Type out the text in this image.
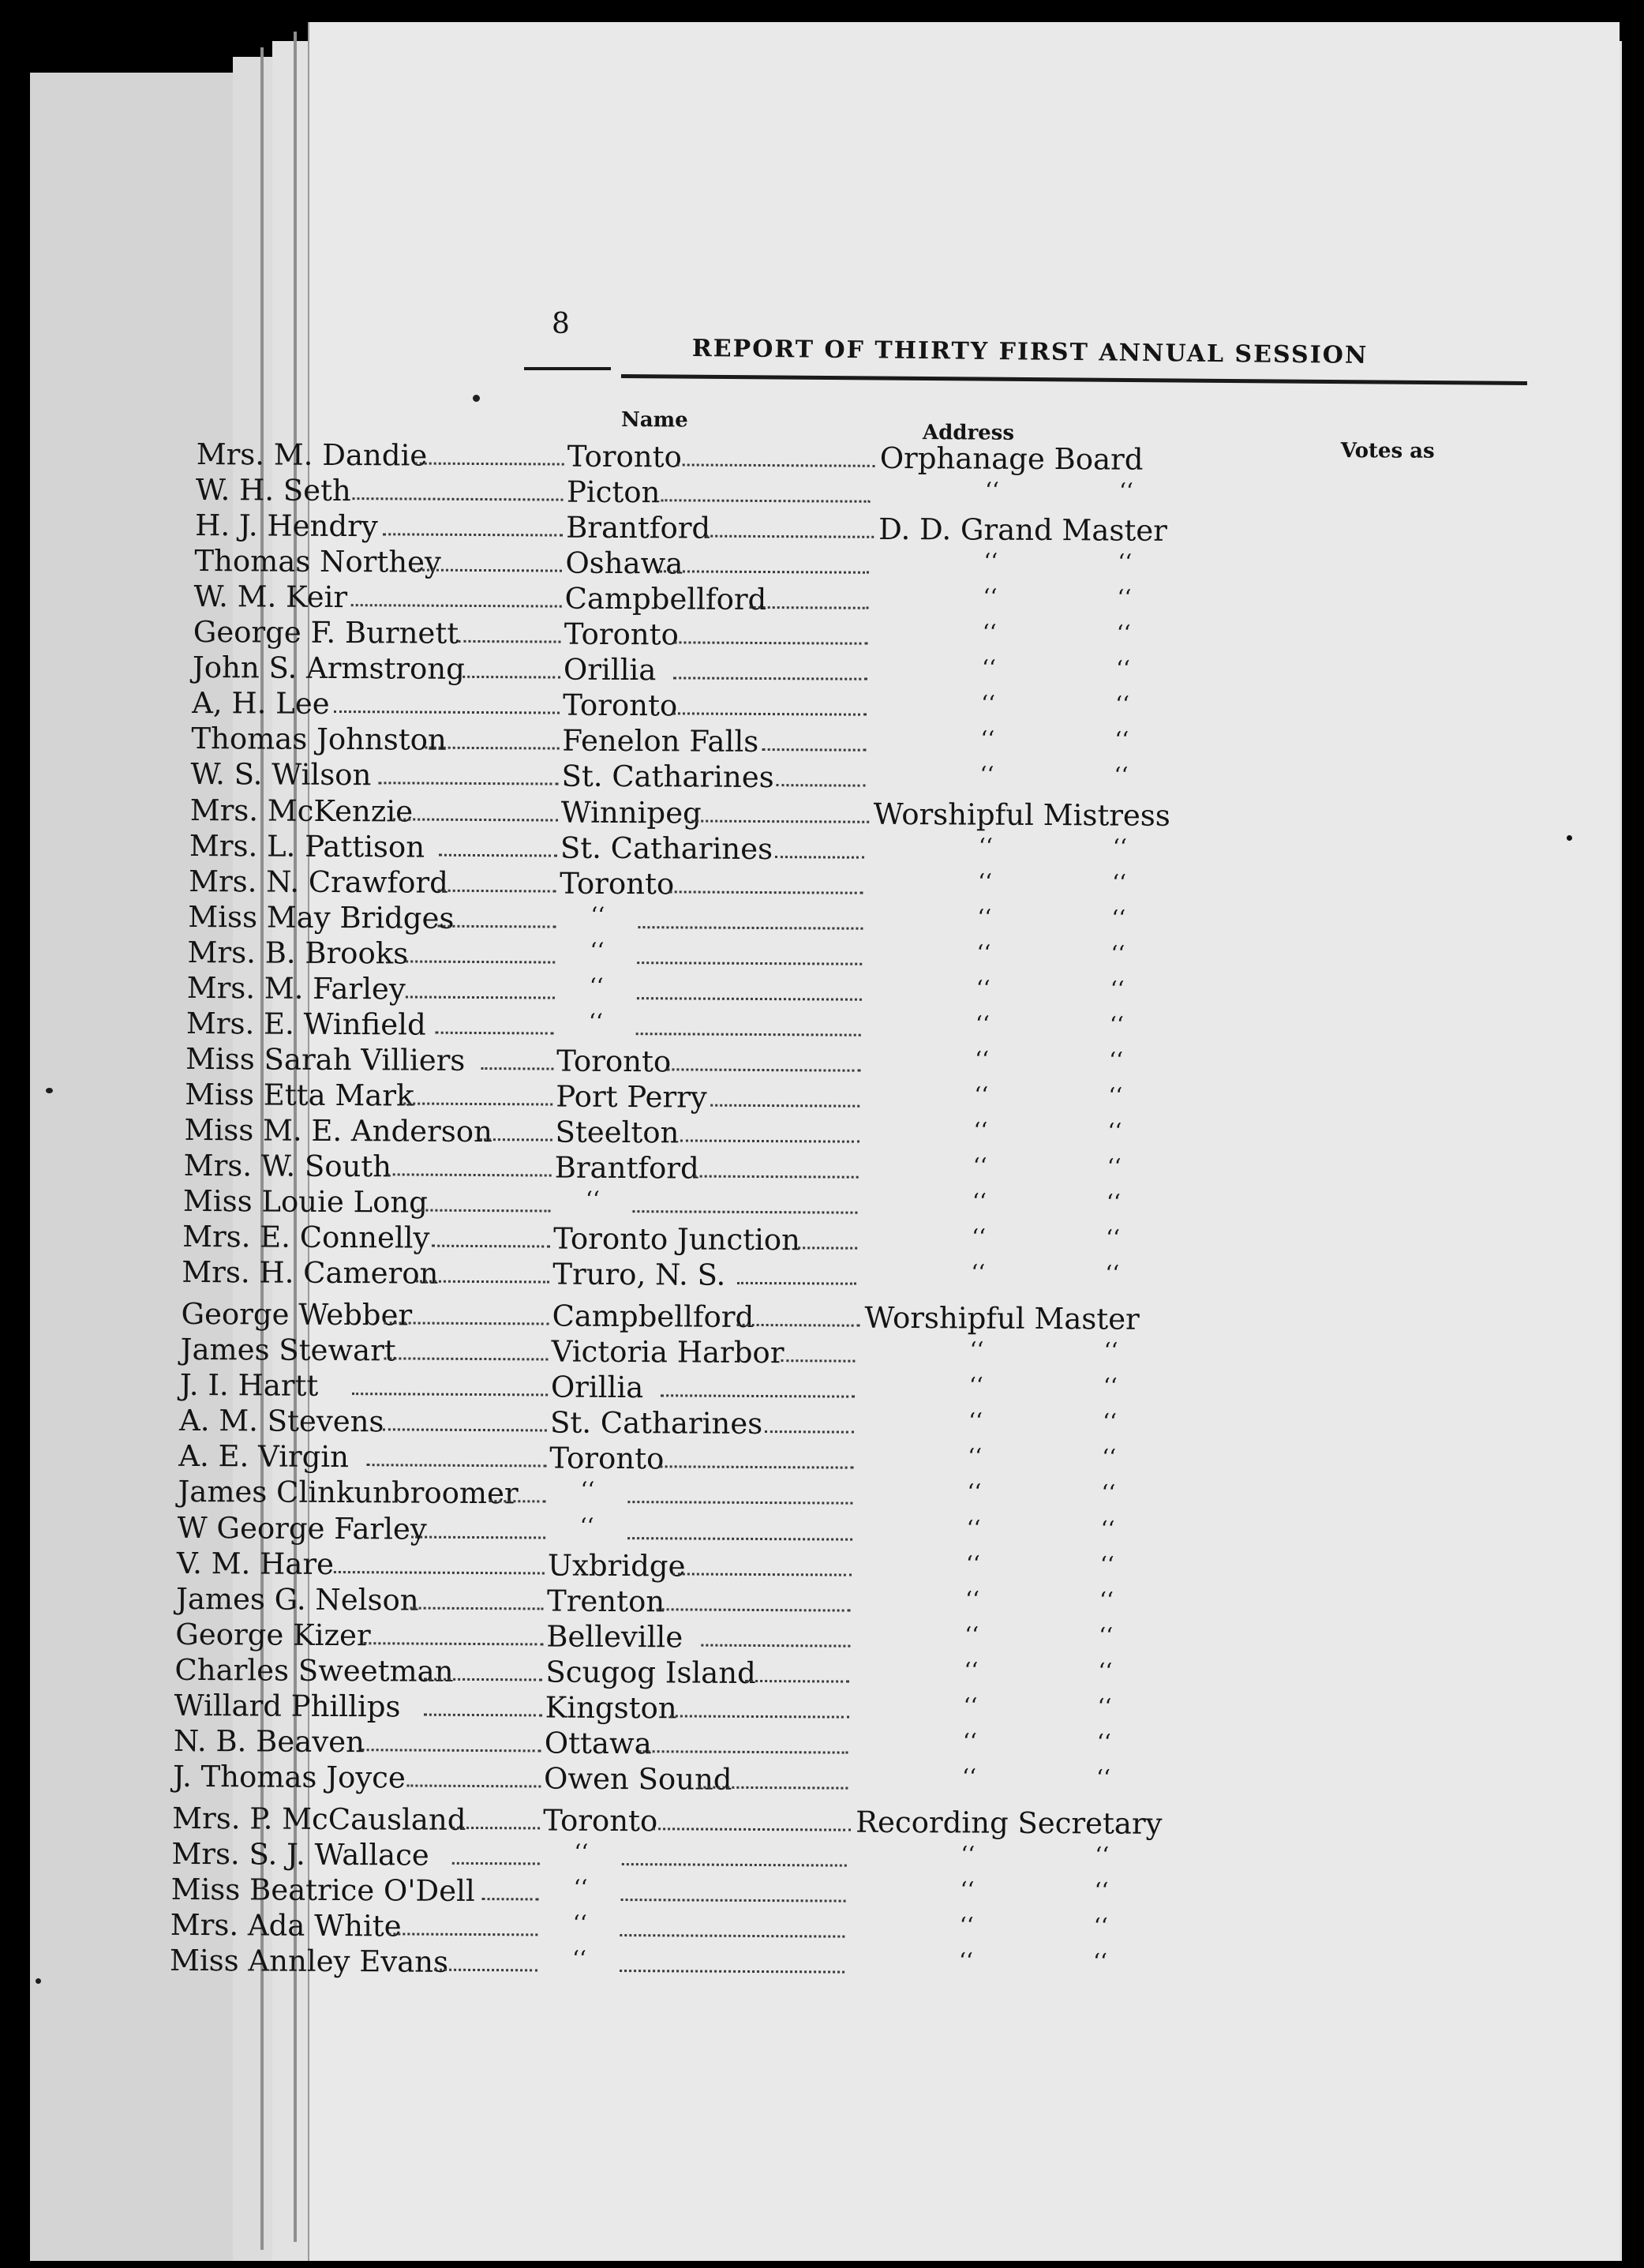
8
REPORT OF THIRTY FIRST ANNUAL SESSION
Name
Address
Votes as
Mrs. M. Dandie	Toronto	Orphanage Board
W. H. Seth	Picton	‘‘	‘‘
H. J. Hendry	Brantford	D. D. Grand Master
Thomas Northey	Oshawa	‘‘	‘‘
W. M. Keir	Campbellford	‘‘	‘‘
George F. Burnett	Toronto	‘‘	‘‘
John S. Armstrong	Orillia	‘‘	‘‘
A, H. Lee	Toronto	‘‘	‘‘
Thomas Johnston	Fenelon Falls	‘‘	‘‘
W. S. Wilson	St. Catharines	‘‘	‘‘
Mrs. McKenzie	Winnipeg	Worshipful Mistress
Mrs. L. Pattison	St. Catharines	‘‘	‘‘
Mrs. N. Crawford	Toronto	‘‘	‘‘
Miss May Bridges	‘‘	‘‘	‘‘
Mrs. B. Brooks	‘‘	‘‘	‘‘
Mrs. M. Farley	‘‘	‘‘	‘‘
Mrs. E. Winfield	‘‘	‘‘	‘‘
Miss Sarah Villiers	Toronto	‘‘	‘‘
Miss Etta Mark	Port Perry	‘‘	‘‘
Miss M. E. Anderson Steelton	‘‘	‘‘
Mrs. W. South	Brantford	‘‘	‘‘
Miss Louie Long	‘‘	‘‘	‘‘
Mrs. E. Connelly	Toronto Junction	‘‘	‘‘
Mrs. H. Cameron	Truro, N. S.	‘‘	‘‘
George Webber	Campbellford	Worshipful Master
James Stewart	Victoria Harbor	‘‘	‘‘
J. I. Hartt	Orillia	‘‘	‘‘
A. M. Stevens	St. Catharines	‘‘	‘‘
A. E. Virgin	Toronto	‘‘	‘‘
James Clinkunbroomer	‘‘	‘‘	‘‘
W George Farley	‘‘	‘‘	‘‘
V. M. Hare	Uxbridge	‘‘	‘‘
James G. Nelson	Trenton	‘‘	‘‘
George Kizer	Belleville	‘‘	‘‘
Charles Sweetman	Scugog Island	‘‘	‘‘
Willard Phillips	Kingston	‘‘	‘‘
N. B. Beaven	Ottawa	‘‘	‘‘
J. Thomas Joyce	Owen Sound	‘‘	‘‘
Mrs. P. McCausland	Toronto	Recording Secretary
Mrs. S. J. Wallace	‘‘	‘‘	‘‘
Miss Beatrice O'Dell	‘‘	‘‘	‘‘
Mrs. Ada White	‘‘	‘‘	‘‘
Miss Annley Evans	‘‘	‘‘	‘‘
